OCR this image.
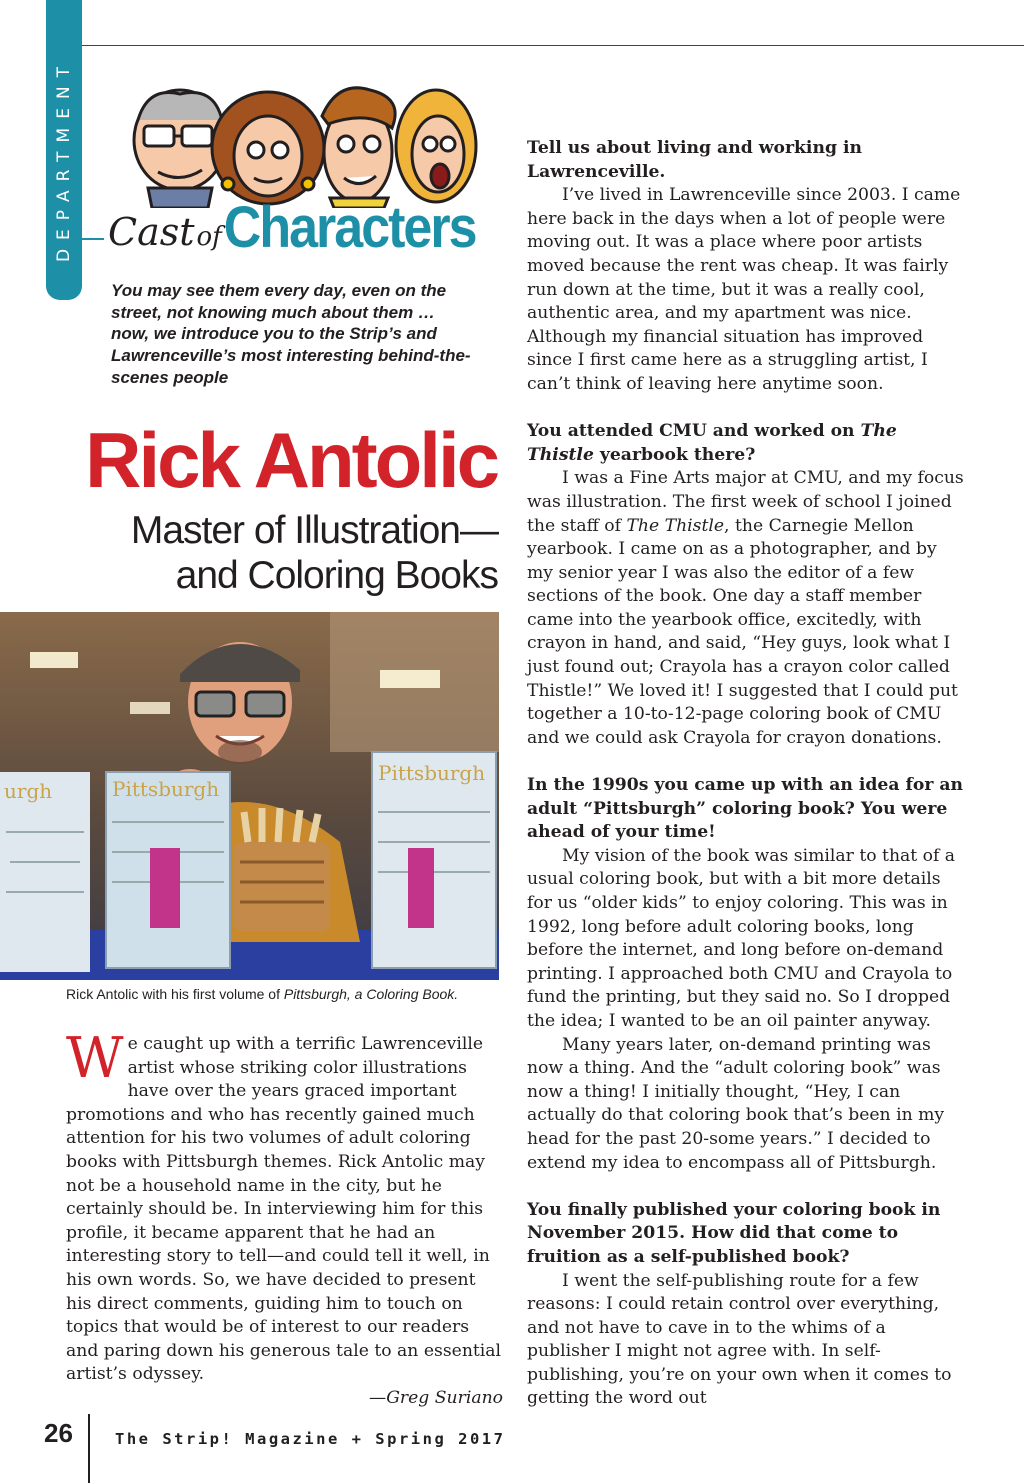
DEPARTMENT CastofCharacters
You may see them every day, even on the street, not knowing much about them … now, we introduce you to the Strip’s and Lawrenceville’s most interesting behind-the-scenes people
Rick Antolic
Master of Illustration—
and Coloring Books
urgh	Pittsburgh
Pittsburgh
Rick Antolic with his first volume of Pittsburgh, a Coloring Book.
W e caught up with a terrific Lawrenceville artist whose striking color illustrations have over the years graced important promotions and who has recently gained much attention for his two volumes of adult coloring books with Pittsburgh themes. Rick Antolic may not be a household name in the city, but he certainly should be. In interviewing him for this profile, it became apparent that he had an interesting story to tell—and could tell it well, in his own words. So, we have decided to present his direct comments, guiding him to touch on topics that would be of interest to our readers and paring down his generous tale to an essential artist’s odyssey.

—Greg Suriano

Tell us about living and working in Lawrenceville.

I’ve lived in Lawrenceville since 2003. I came here back in the days when a lot of people were moving out. It was a place where poor artists moved because the rent was cheap. It was fairly run down at the time, but it was a really cool, authentic area, and my apartment was nice. Although my financial situation has improved since I first came here as a struggling artist, I can’t think of leaving here anytime soon.

You attended CMU and worked on The Thistle yearbook there?

I was a Fine Arts major at CMU, and my focus was illustration. The first week of school I joined the staff of The Thistle, the Carnegie Mellon yearbook. I came on as a photographer, and by my senior year I was also the editor of a few sections of the book. One day a staff member came into the yearbook office, excitedly, with crayon in hand, and said, “Hey guys, look what I just found out; Crayola has a crayon color called Thistle!” We loved it! I suggested that I could put together a 10-to-12-page coloring book of CMU and we could ask Crayola for crayon donations.

In the 1990s you came up with an idea for an adult “Pittsburgh” coloring book? You were ahead of your time!

My vision of the book was similar to that of a usual coloring book, but with a bit more details for us “older kids” to enjoy coloring. This was in 1992, long before adult coloring books, long before the internet, and long before on-demand printing. I approached both CMU and Crayola to fund the printing, but they said no. So I dropped the idea; I wanted to be an oil painter anyway.

Many years later, on-demand printing was now a thing. And the “adult coloring book” was now a thing! I initially thought, “Hey, I can actually do that coloring book that’s been in my head for the past 20-some years.” I decided to extend my idea to encompass all of Pittsburgh.

You finally published your coloring book in November 2015. How did that come to fruition as a self-published book?

I went the self-publishing route for a few reasons: I could retain control over everything, and not have to cave in to the whims of a publisher I might not agree with. In self-publishing, you’re on your own when it comes to getting the word out

26	The Strip! Magazine + Spring 2017
